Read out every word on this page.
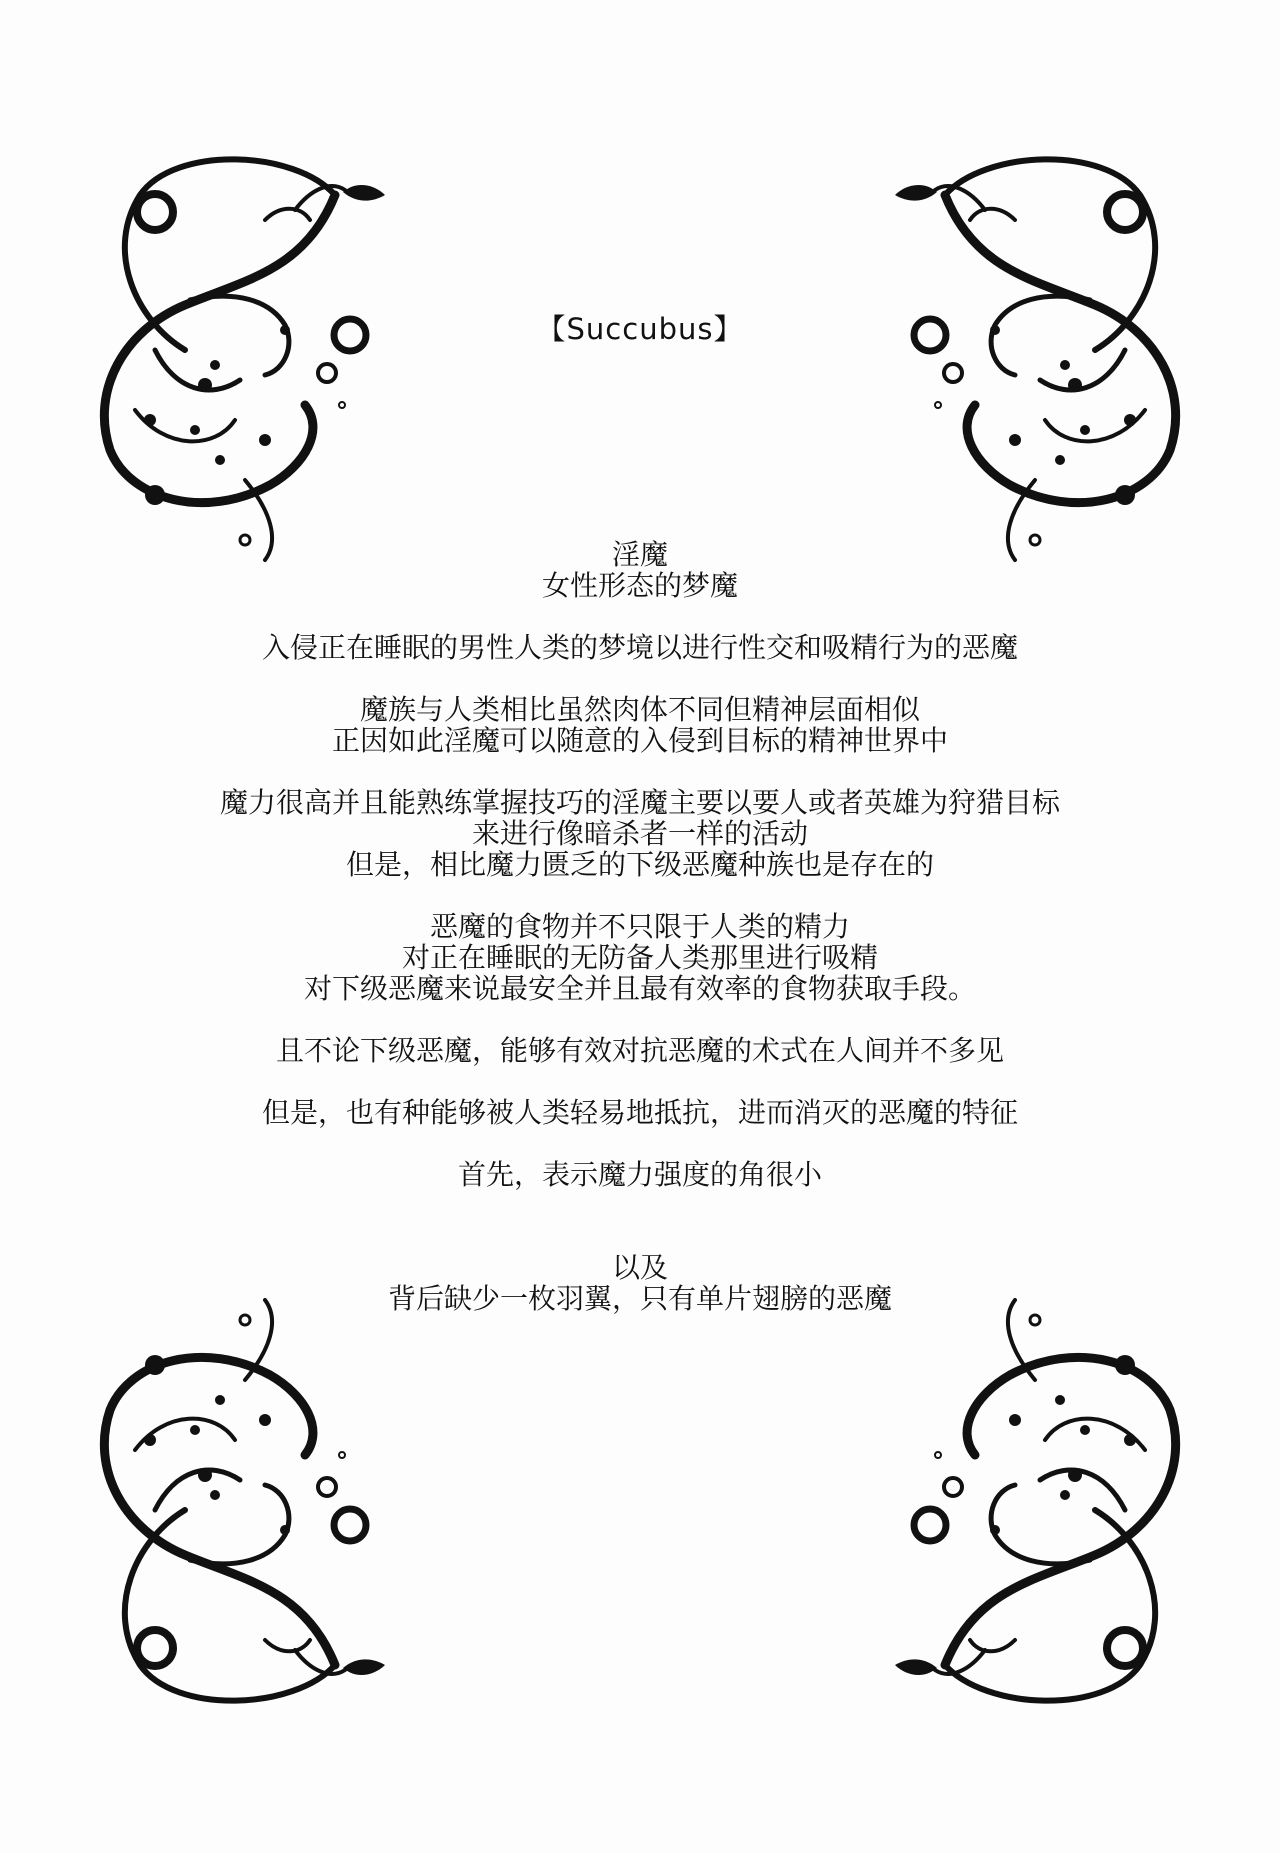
【Succubus】
淫魔
女性形态的梦魔
入侵正在睡眠的男性人类的梦境以进行性交和吸精行为的恶魔
魔族与人类相比虽然肉体不同但精神层面相似
正因如此淫魔可以随意的入侵到目标的精神世界中
魔力很高并且能熟练掌握技巧的淫魔主要以要人或者英雄为狩猎目标
来进行像暗杀者一样的活动
但是，相比魔力匮乏的下级恶魔种族也是存在的
恶魔的食物并不只限于人类的精力
对正在睡眠的无防备人类那里进行吸精
对下级恶魔来说最安全并且最有效率的食物获取手段。
且不论下级恶魔，能够有效对抗恶魔的术式在人间并不多见
但是，也有种能够被人类轻易地抵抗，进而消灭的恶魔的特征
首先，表示魔力强度的角很小
以及
背后缺少一枚羽翼，只有单片翅膀的恶魔
